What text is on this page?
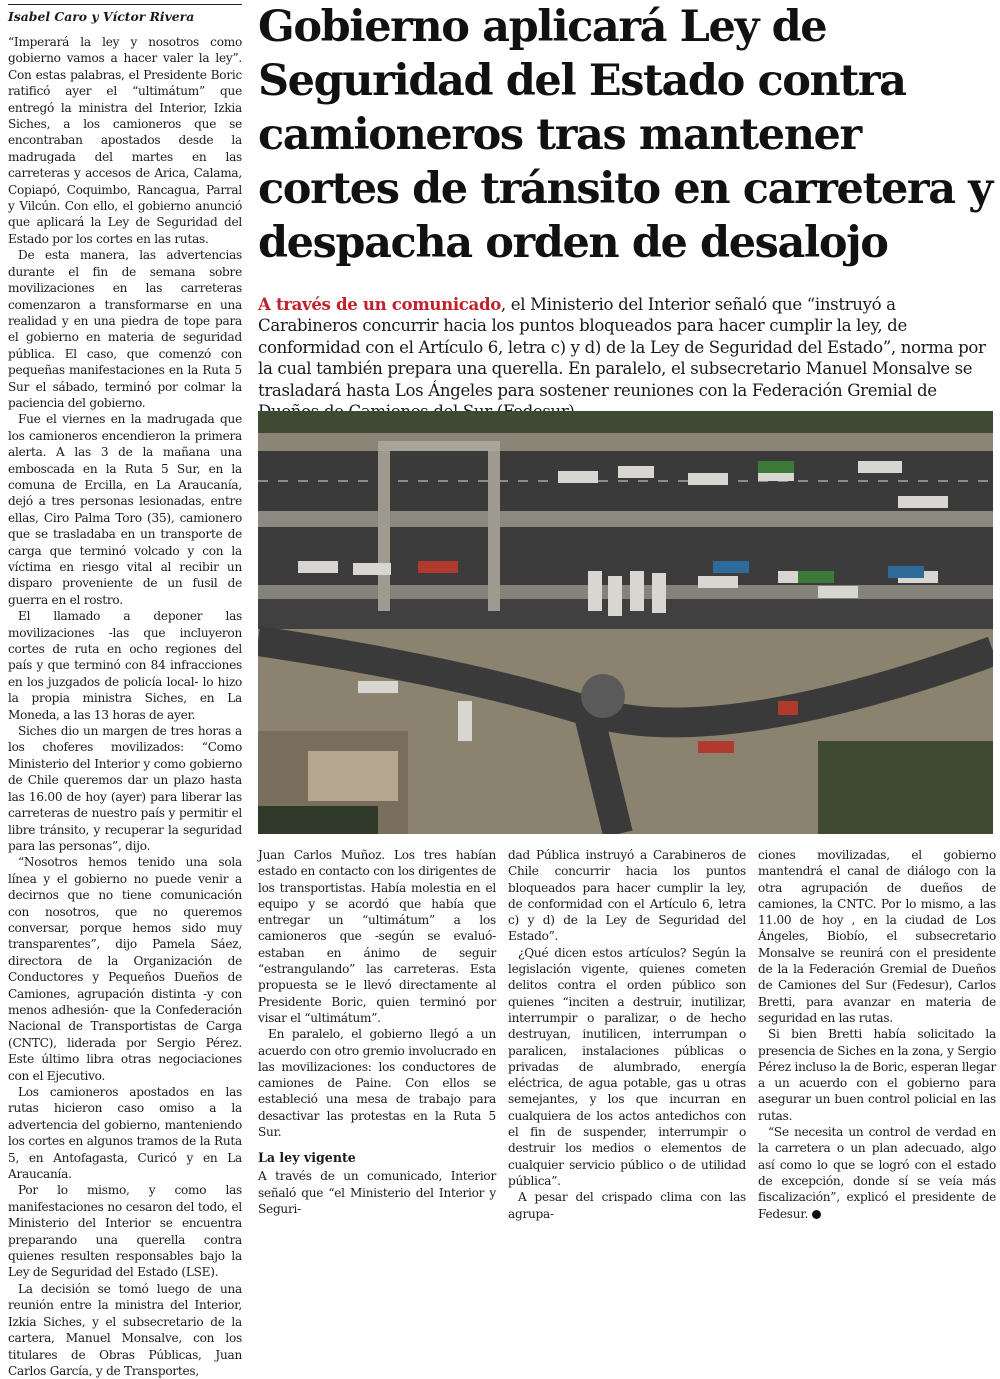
Isabel Caro y Víctor Rivera

“Imperará la ley y nosotros como gobierno vamos a hacer valer la ley”. Con estas palabras, el Presidente Boric ratificó ayer el “ultimátum” que entregó la ministra del Interior, Izkia Siches, a los camioneros que se encontraban apostados desde la madrugada del martes en las carreteras y accesos de Arica, Calama, Copiapó, Coquimbo, Rancagua, Parral y Vilcún. Con ello, el gobierno anunció que aplicará la Ley de Seguridad del Estado por los cortes en las rutas.

De esta manera, las advertencias durante el fin de semana sobre movilizaciones en las carreteras comenzaron a transformarse en una realidad y en una piedra de tope para el gobierno en materia de seguridad pública. El caso, que comenzó con pequeñas manifestaciones en la Ruta 5 Sur el sábado, terminó por colmar la paciencia del gobierno.

Fue el viernes en la madrugada que los camioneros encendieron la primera alerta. A las 3 de la mañana una emboscada en la Ruta 5 Sur, en la comuna de Ercilla, en La Araucanía, dejó a tres personas lesionadas, entre ellas, Ciro Palma Toro (35), camionero que se trasladaba en un transporte de carga que terminó volcado y con la víctima en riesgo vital al recibir un disparo proveniente de un fusil de guerra en el rostro.

El llamado a deponer las movilizaciones -las que incluyeron cortes de ruta en ocho regiones del país y que terminó con 84 infracciones en los juzgados de policía local- lo hizo la propia ministra Siches, en La Moneda, a las 13 horas de ayer.

Siches dio un margen de tres horas a los choferes movilizados: “Como Ministerio del Interior y como gobierno de Chile queremos dar un plazo hasta las 16.00 de hoy (ayer) para liberar las carreteras de nuestro país y permitir el libre tránsito, y recuperar la seguridad para las personas”, dijo.

“Nosotros hemos tenido una sola línea y el gobierno no puede venir a decirnos que no tiene comunicación con nosotros, que no queremos conversar, porque hemos sido muy transparentes”, dijo Pamela Sáez, directora de la Organización de Conductores y Pequeños Dueños de Camiones, agrupación distinta -y con menos adhesión- que la Confederación Nacional de Transportistas de Carga (CNTC), liderada por Sergio Pérez. Este último libra otras negociaciones con el Ejecutivo.

Los camioneros apostados en las rutas hicieron caso omiso a la advertencia del gobierno, manteniendo los cortes en algunos tramos de la Ruta 5, en Antofagasta, Curicó y en La Araucanía.

Por lo mismo, y como las manifestaciones no cesaron del todo, el Ministerio del Interior se encuentra preparando una querella contra quienes resulten responsables bajo la Ley de Seguridad del Estado (LSE).

La decisión se tomó luego de una reunión entre la ministra del Interior, Izkia Siches, y el subsecretario de la cartera, Manuel Monsalve, con los titulares de Obras Públicas, Juan Carlos García, y de Transportes,

Gobierno aplicará Ley de Seguridad del Estado contra camioneros tras mantener cortes de tránsito en carretera y despacha orden de desalojo

A través de un comunicado, el Ministerio del Interior señaló que “instruyó a Carabineros concurrir hacia los puntos bloqueados para hacer cumplir la ley, de conformidad con el Artículo 6, letra c) y d) de la Ley de Seguridad del Estado”, norma por la cual también prepara una querella. En paralelo, el subsecretario Manuel Monsalve se trasladará hasta Los Ángeles para sostener reuniones con la Federación Gremial de

Juan Carlos Muñoz. Los tres habían estado en contacto con los dirigentes de los transportistas. Había molestia en el equipo y se acordó que había que entregar un “ultimátum” a los camioneros que -según se evaluó- estaban en ánimo de seguir “estrangulando” las carreteras. Esta propuesta se le llevó directamente al Presidente Boric, quien terminó por visar el “ultimátum”.

En paralelo, el gobierno llegó a un acuerdo con otro gremio involucrado en las movilizaciones: los conductores de camiones de Paine. Con ellos se estableció una mesa de trabajo para desactivar las protestas en la Ruta 5 Sur.

La ley vigente

A través de un comunicado, Interior señaló que “el Ministerio del Interior y Seguri-

dad Pública instruyó a Carabineros de Chile concurrir hacia los puntos bloqueados para hacer cumplir la ley, de conformidad con el Artículo 6, letra c) y d) de la Ley de Seguridad del Estado”.

¿Qué dicen estos artículos? Según la legislación vigente, quienes cometen delitos contra el orden público son quienes “inciten a destruir, inutilizar, interrumpir o paralizar, o de hecho destruyan, inutilicen, interrumpan o paralicen, instalaciones públicas o privadas de alumbrado, energía eléctrica, de agua potable, gas u otras semejantes, y los que incurran en cualquiera de los actos antedichos con el fin de suspender, interrumpir o destruir los medios o elementos de cualquier servicio público o de utilidad pública”.

A pesar del crispado clima con las agrupa-

ciones movilizadas, el gobierno mantendrá el canal de diálogo con la otra agrupación de dueños de camiones, la CNTC. Por lo mismo, a las 11.00 de hoy , en la ciudad de Los Ángeles, Biobío, el subsecretario Monsalve se reunirá con el presidente de la la Federación Gremial de Dueños de Camiones del Sur (Fedesur), Carlos Bretti, para avanzar en materia de seguridad en las rutas.

Si bien Bretti había solicitado la presencia de Siches en la zona, y Sergio Pérez incluso la de Boric, esperan llegar a un acuerdo con el gobierno para asegurar un buen control policial en las rutas.

“Se necesita un control de verdad en la carretera o un plan adecuado, algo así como lo que se logró con el estado de excepción, donde sí se veía más fiscalización”, explicó el presidente de Fedesur.
